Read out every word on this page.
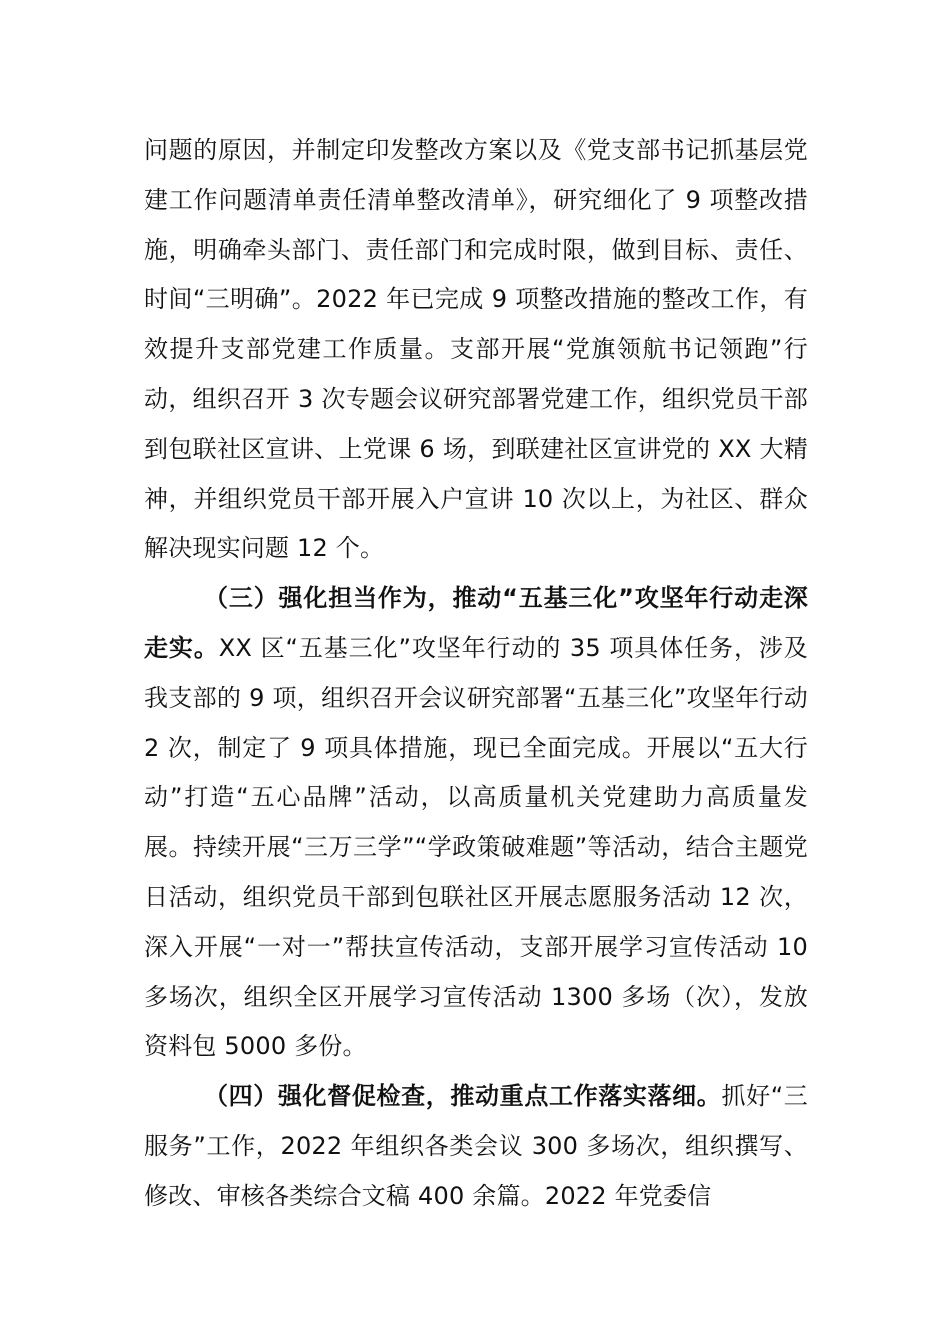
问题的原因，并制定印发整改方案以及《党支部书记抓基层党建工作问题清单责任清单整改清单》，研究细化了 9 项整改措施，明确牵头部门、责任部门和完成时限，做到目标、责任、时间“三明确”。2022 年已完成 9 项整改措施的整改工作，有效提升支部党建工作质量。支部开展“党旗领航书记领跑”行动，组织召开 3 次专题会议研究部署党建工作，组织党员干部到包联社区宣讲、上党课 6 场，到联建社区宣讲党的 XX 大精神，并组织党员干部开展入户宣讲 10 次以上，为社区、群众解决现实问题 12 个。

（三）强化担当作为，推动“五基三化”攻坚年行动走深走实。XX 区“五基三化”攻坚年行动的 35 项具体任务，涉及我支部的 9 项，组织召开会议研究部署“五基三化”攻坚年行动 2 次，制定了 9 项具体措施，现已全面完成。开展以“五大行动”打造“五心品牌”活动，以高质量机关党建助力高质量发展。持续开展“三万三学”“学政策破难题”等活动，结合主题党日活动，组织党员干部到包联社区开展志愿服务活动 12 次，深入开展“一对一”帮扶宣传活动，支部开展学习宣传活动 10 多场次，组织全区开展学习宣传活动 1300 多场（次），发放资料包 5000 多份。

（四）强化督促检查，推动重点工作落实落细。抓好“三服务”工作，2022 年组织各类会议 300 多场次，组织撰写、修改、审核各类综合文稿 400 余篇。2022 年党委信
